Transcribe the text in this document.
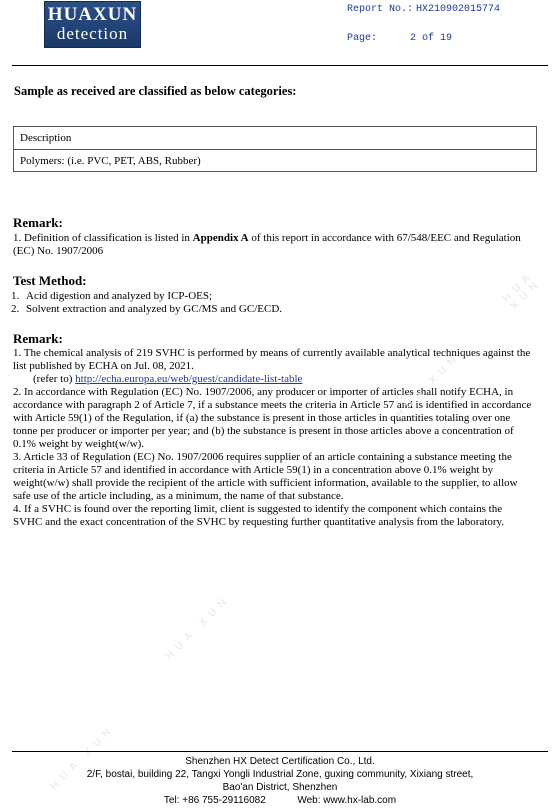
HUAXUN
detection
Report No.: HX210902015774
Page:	2 of 19
Sample as received are classified as below categories:
Description
Polymers: (i.e. PVC, PET, ABS, Rubber)
Remark:
1. Definition of classification is listed in Appendix A of this report in accordance with 67/548/EEC and Regulation (EC) No. 1907/2006
Test Method:
1. Acid digestion and analyzed by ICP-OES;
2. Solvent extraction and analyzed by GC/MS and GC/ECD.
Remark:

1. The chemical analysis of 219 SVHC is performed by means of currently available analytical techniques against the list published by ECHA on Jul. 08, 2021.

(refer to) http://echa.europa.eu/web/guest/candidate-list-table

2. In accordance with Regulation (EC) No. 1907/2006, any producer or importer of articles shall notify ECHA, in accordance with paragraph 2 of Article 7, if a substance meets the criteria in Article 57 and is identified in accordance with Article 59(1) of the Regulation, if (a) the substance is present in those articles in quantities totaling over one tonne per producer or importer per year; and (b) the substance is present in those articles above a concentration of 0.1% weight by weight(w/w).

3. Article 33 of Regulation (EC) No. 1907/2006 requires supplier of an article containing a substance meeting the criteria in Article 57 and identified in accordance with Article 59(1) in a concentration above 0.1% weight by weight(w/w) shall provide the recipient of the article with sufficient information, available to the supplier, to allow safe use of the article including, as a minimum, the name of that substance.

4. If a SVHC is found over the reporting limit, client is suggested to identify the component which contains the SVHC and the exact concentration of the SVHC by requesting further quantitative analysis from the laboratory.

HUA XUN
HUA XUN
HUA XUN
HUA XUN	Shenzhen HX Detect Certification Co., Ltd.
2/F, bostai, building 22, Tangxi Yongli Industrial Zone, guxing community, Xixiang street,
Bao'an District, Shenzhen
Tel: +86 755-29116082	Web: www.hx-lab.com
